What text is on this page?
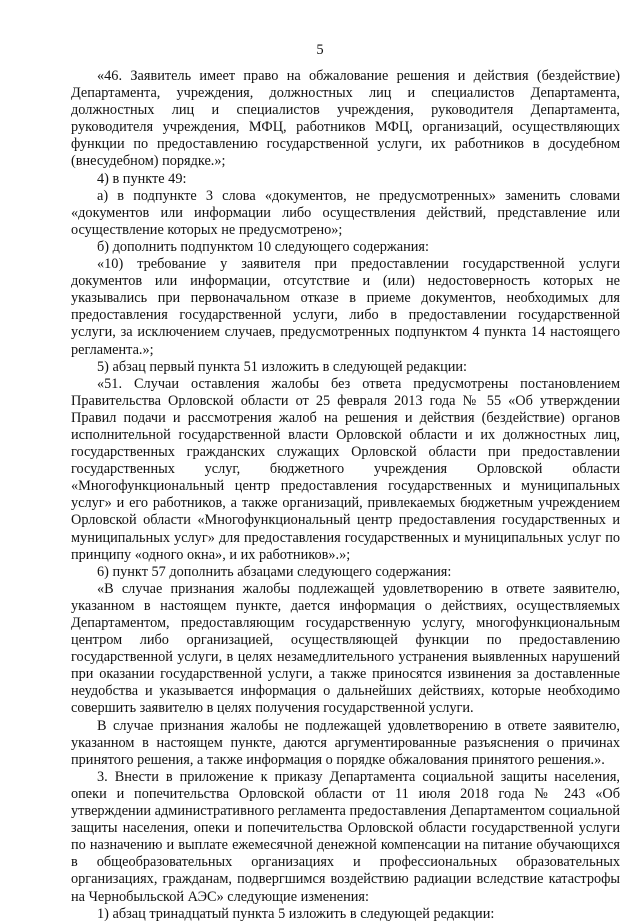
5

«46. Заявитель имеет право на обжалование решения и действия (бездействие) Департамента, учреждения, должностных лиц и специалистов Департамента, должностных лиц и специалистов учреждения, руководителя Департамента, руководителя учреждения, МФЦ, работников МФЦ, организаций, осуществляющих функции по предоставлению государственной услуги, их работников в досудебном (внесудебном) порядке.»;

4) в пункте 49:

а) в подпункте 3 слова «документов, не предусмотренных» заменить словами «документов или информации либо осуществления действий, представление или осуществление которых не предусмотрено»;

б) дополнить подпунктом 10 следующего содержания:

«10) требование у заявителя при предоставлении государственной услуги документов или информации, отсутствие и (или) недостоверность которых не указывались при первоначальном отказе в приеме документов, необходимых для предоставления государственной услуги, либо в предоставлении государственной услуги, за исключением случаев, предусмотренных подпунктом 4 пункта 14 настоящего регламента.»;

5) абзац первый пункта 51 изложить в следующей редакции:

«51. Случаи оставления жалобы без ответа предусмотрены постановлением Правительства Орловской области от 25 февраля 2013 года № 55 «Об утверждении Правил подачи и рассмотрения жалоб на решения и действия (бездействие) органов исполнительной государственной власти Орловской области и их должностных лиц, государственных гражданских служащих Орловской области при предоставлении государственных услуг, бюджетного учреждения Орловской области «Многофункциональный центр предоставления государственных и муниципальных услуг» и его работников, а также организаций, привлекаемых бюджетным учреждением Орловской области «Многофункциональный центр предоставления государственных и муниципальных услуг» для предоставления государственных и муниципальных услуг по принципу «одного окна», и их работников».»;

6) пункт 57 дополнить абзацами следующего содержания:

«В случае признания жалобы подлежащей удовлетворению в ответе заявителю, указанном в настоящем пункте, дается информация о действиях, осуществляемых Департаментом, предоставляющим государственную услугу, многофункциональным центром либо организацией, осуществляющей функции по предоставлению государственной услуги, в целях незамедлительного устранения выявленных нарушений при оказании государственной услуги, а также приносятся извинения за доставленные неудобства и указывается информация о дальнейших действиях, которые необходимо совершить заявителю в целях получения государственной услуги.

В случае признания жалобы не подлежащей удовлетворению в ответе заявителю, указанном в настоящем пункте, даются аргументированные разъяснения о причинах принятого решения, а также информация о порядке обжалования принятого решения.».

3. Внести в приложение к приказу Департамента социальной защиты населения, опеки и попечительства Орловской области от 11 июля 2018 года № 243 «Об утверждении административного регламента предоставления Департаментом социальной защиты населения, опеки и попечительства Орловской области государственной услуги по назначению и выплате ежемесячной денежной компенсации на питание обучающихся в общеобразовательных организациях и профессиональных образовательных организациях, гражданам, подвергшимся воздействию радиации вследствие катастрофы на Чернобыльской АЭС» следующие изменения:

1) абзац тринадцатый пункта 5 изложить в следующей редакции:
